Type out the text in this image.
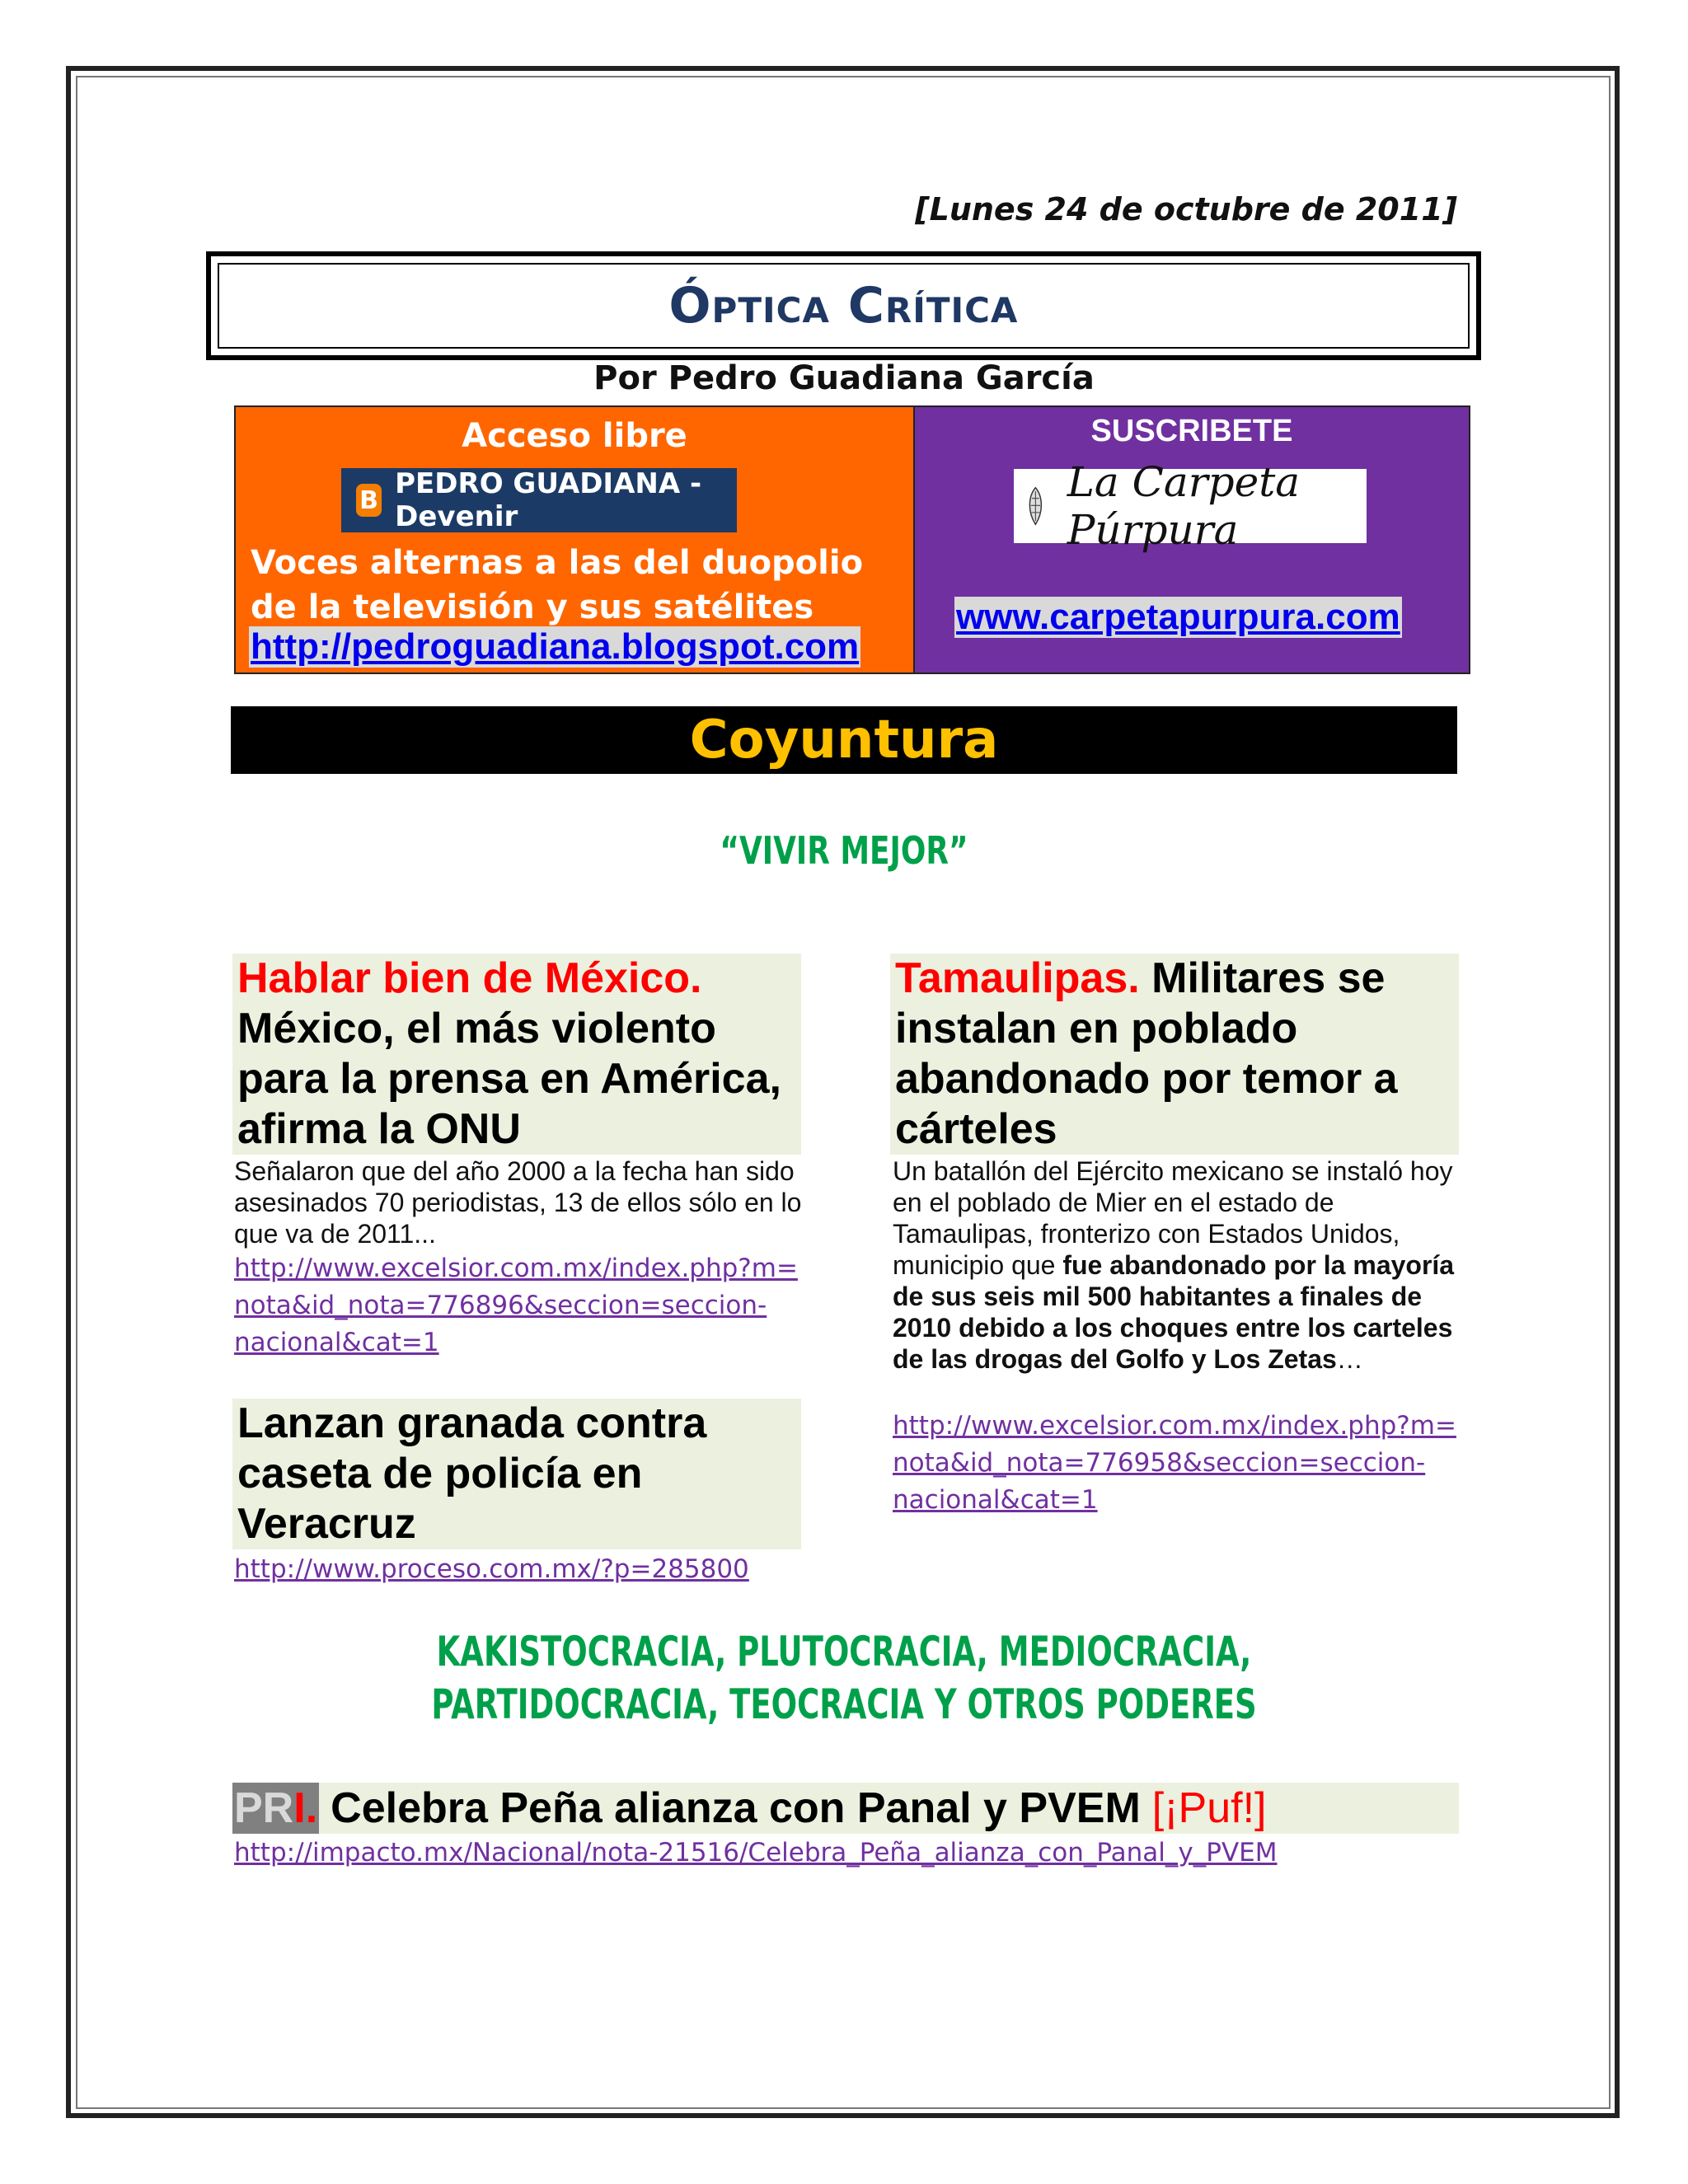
[Lunes 24 de octubre de 2011]
Óptica Crítica
Por Pedro Guadiana García
Acceso libre
B PEDRO GUADIANA - Devenir
Voces alternas a las del duopolio de la televisión y sus satélites
http://pedroguadiana.blogspot.com
SUSCRIBETE
La Carpeta Púrpura
www.carpetapurpura.com
Coyuntura
“VIVIR MEJOR”
Hablar bien de México. México, el más violento para la prensa en América, afirma la ONU
Señalaron que del año 2000 a la fecha han sido asesinados 70 periodistas, 13 de ellos sólo en lo que va de 2011...
http://www.excelsior.com.mx/index.php?m=
nota&id_nota=776896&seccion=seccion-
nacional&cat=1
Lanzan granada contra caseta de policía en Veracruz
http://www.proceso.com.mx/?p=285800
Tamaulipas. Militares se instalan en poblado abandonado por temor a cárteles
Un batallón del Ejército mexicano se instaló hoy en el poblado de Mier en el estado de Tamaulipas, fronterizo con Estados Unidos, municipio que fue abandonado por la mayoría de sus seis mil 500 habitantes a finales de 2010 debido a los choques entre los carteles de las drogas del Golfo y Los Zetas…
http://www.excelsior.com.mx/index.php?m=
nota&id_nota=776958&seccion=seccion-
nacional&cat=1
KAKISTOCRACIA, PLUTOCRACIA, MEDIOCRACIA, PARTIDOCRACIA, TEOCRACIA Y OTROS PODERES
PR I. Celebra Peña alianza con Panal y PVEM [¡Puf!]
http://impacto.mx/Nacional/nota-21516/Celebra_Peña_alianza_con_Panal_y_PVEM
